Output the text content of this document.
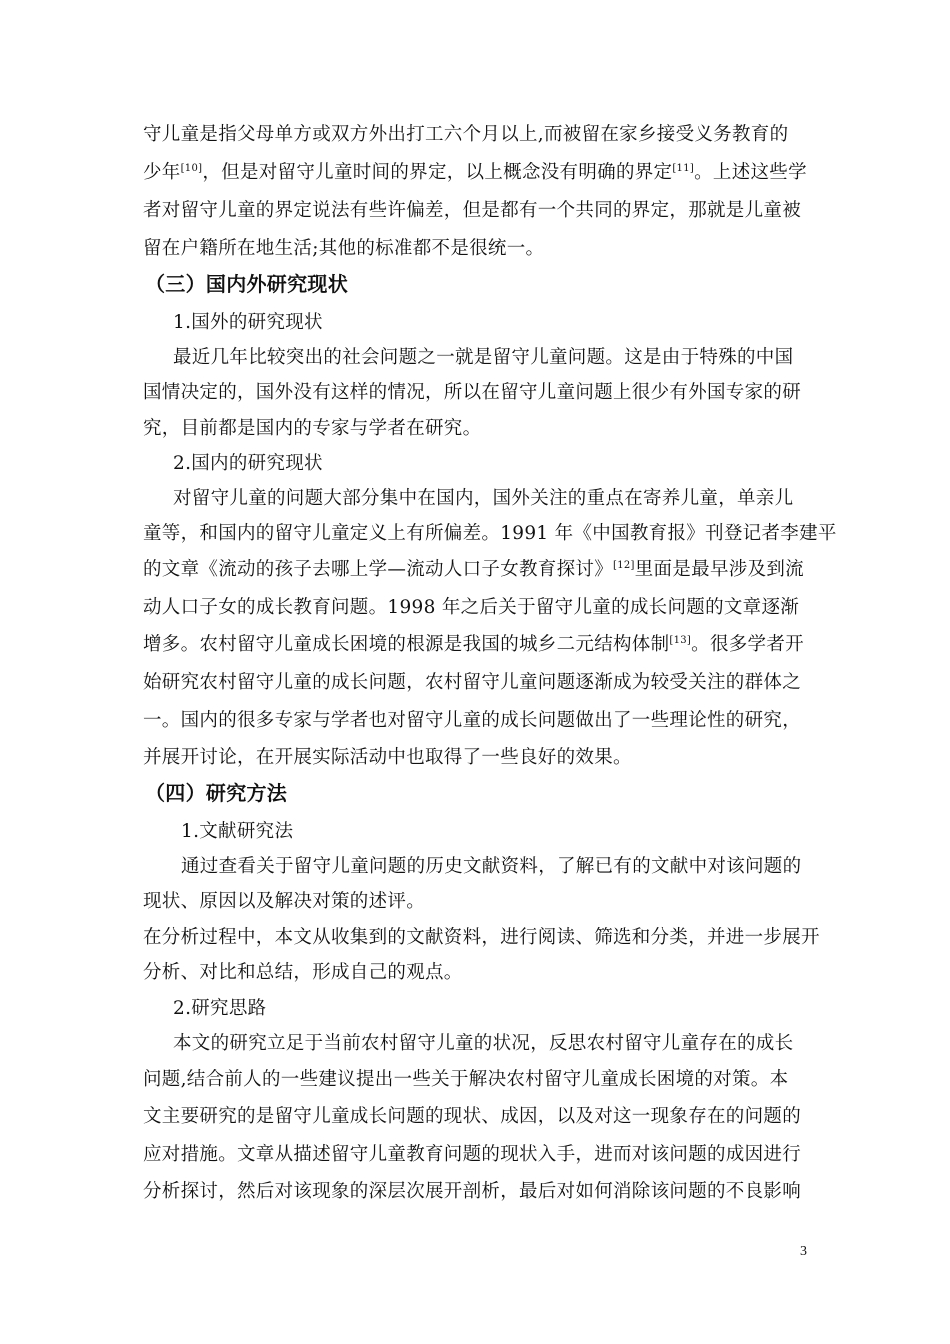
守儿童是指父母单方或双方外出打工六个月以上,而被留在家乡接受义务教育的
少年[10]，但是对留守儿童时间的界定，以上概念没有明确的界定[11]。上述这些学
者对留守儿童的界定说法有些许偏差，但是都有一个共同的界定，那就是儿童被
留在户籍所在地生活;其他的标准都不是很统一。
（三）国内外研究现状
1.国外的研究现状
最近几年比较突出的社会问题之一就是留守儿童问题。这是由于特殊的中国
国情决定的，国外没有这样的情况，所以在留守儿童问题上很少有外国专家的研
究，目前都是国内的专家与学者在研究。
2.国内的研究现状
对留守儿童的问题大部分集中在国内，国外关注的重点在寄养儿童，单亲儿
童等，和国内的留守儿童定义上有所偏差。1991 年《中国教育报》刊登记者李建平
的文章《流动的孩子去哪上学—流动人口子女教育探讨》[12]里面是最早涉及到流
动人口子女的成长教育问题。1998 年之后关于留守儿童的成长问题的文章逐渐
增多。农村留守儿童成长困境的根源是我国的城乡二元结构体制[13]。很多学者开
始研究农村留守儿童的成长问题，农村留守儿童问题逐渐成为较受关注的群体之
一。国内的很多专家与学者也对留守儿童的成长问题做出了一些理论性的研究，
并展开讨论，在开展实际活动中也取得了一些良好的效果。
（四）研究方法
1.文献研究法
通过查看关于留守儿童问题的历史文献资料，了解已有的文献中对该问题的
现状、原因以及解决对策的述评。
在分析过程中，本文从收集到的文献资料，进行阅读、筛选和分类，并进一步展开
分析、对比和总结，形成自己的观点。
2.研究思路
本文的研究立足于当前农村留守儿童的状况，反思农村留守儿童存在的成长
问题,结合前人的一些建议提出一些关于解决农村留守儿童成长困境的对策。本
文主要研究的是留守儿童成长问题的现状、成因，以及对这一现象存在的问题的
应对措施。文章从描述留守儿童教育问题的现状入手，进而对该问题的成因进行
分析探讨，然后对该现象的深层次展开剖析，最后对如何消除该问题的不良影响
3
